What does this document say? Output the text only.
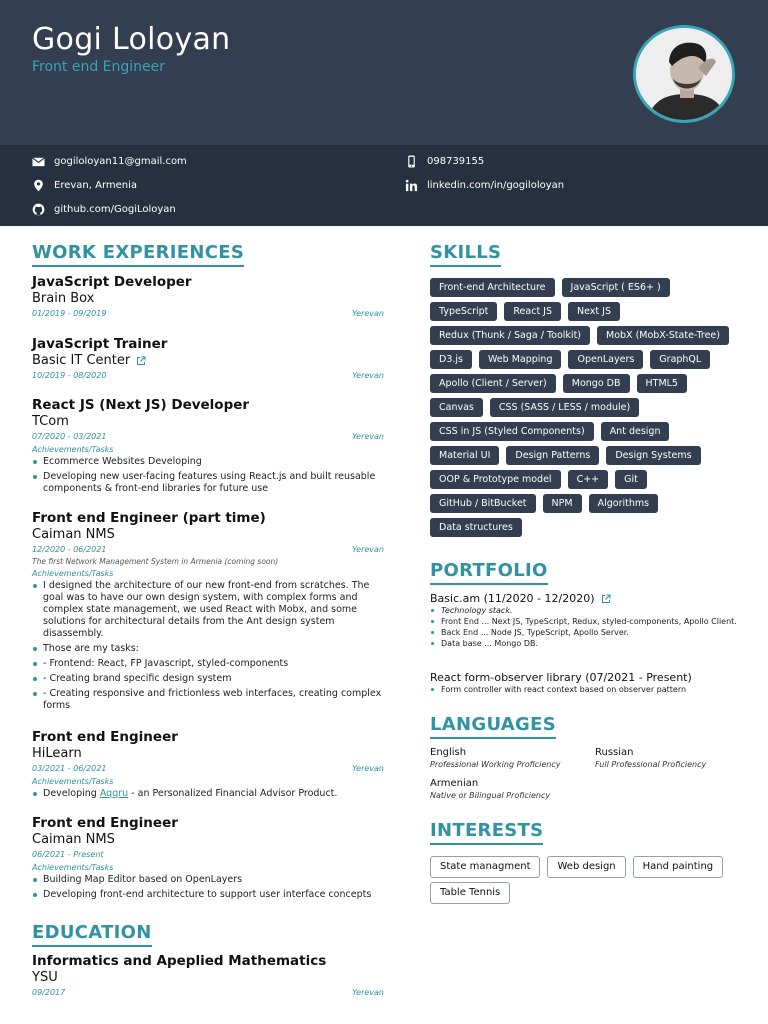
Gogi Loloyan
Front end Engineer
gogiloloyan11@gmail.com	098739155
Erevan, Armenia	linkedin.com/in/gogiloloyan
github.com/GogiLoloyan
WORK EXPERIENCES
JavaScript Developer
Brain Box
01/2019 - 09/2019	Yerevan
JavaScript Trainer
Basic IT Center
10/2019 - 08/2020	Yerevan
React JS (Next JS) Developer
TCom
07/2020 - 03/2021	Yerevan
Achievements/Tasks
Ecommerce Websites Developing
Developing new user-facing features using React.js and built reusable components & front-end libraries for future use
Front end Engineer (part time)
Caiman NMS
12/2020 - 06/2021	Yerevan
The first Network Management System in Armenia (coming soon)
Achievements/Tasks
I designed the architecture of our new front-end from scratches. The goal was to have our own design system, with complex forms and complex state management, we used React with Mobx, and some solutions for architectural details from the Ant design system disassembly.
Those are my tasks:
- Frontend: React, FP Javascript, styled-components
- Creating brand specific design system
- Creating responsive and frictionless web interfaces, creating complex forms
Front end Engineer
HiLearn
03/2021 - 06/2021	Yerevan
Achievements/Tasks
Developing Aqqru - an Personalized Financial Advisor Product.
Front end Engineer
Caiman NMS
06/2021 - Present
Achievements/Tasks
Building Map Editor based on OpenLayers
Developing front-end architecture to support user interface concepts
EDUCATION
Informatics and Apeplied Mathematics
YSU
09/2017	Yerevan
SKILLS
Front-end Architecture	JavaScript ( ES6+ )
TypeScript	React JS	Next JS
Redux (Thunk / Saga / Toolkit)	MobX (MobX-State-Tree)
D3.js	Web Mapping	OpenLayers	GraphQL
Apollo (Client / Server)	Mongo DB	HTML5
Canvas	CSS (SASS / LESS / module)
CSS in JS (Styled Components)	Ant design
Material UI	Design Patterns	Design Systems
OOP & Prototype model	C++	Git
GitHub / BitBucket	NPM	Algorithms
Data structures
PORTFOLIO
Basic.am (11/2020 - 12/2020)
Technology stack.
Front End ... Next JS, TypeScript, Redux, styled-components, Apollo Client.
Back End ... Node JS, TypeScript, Apollo Server.
Data base ... Mongo DB.
React form-observer library (07/2021 - Present)
Form controller with react context based on observer pattern
LANGUAGES
English
Professional Working Proficiency
Russian
Full Professional Proficiency
Armenian
Native or Bilingual Proficiency
INTERESTS
State managment	Web design	Hand painting
Table Tennis
